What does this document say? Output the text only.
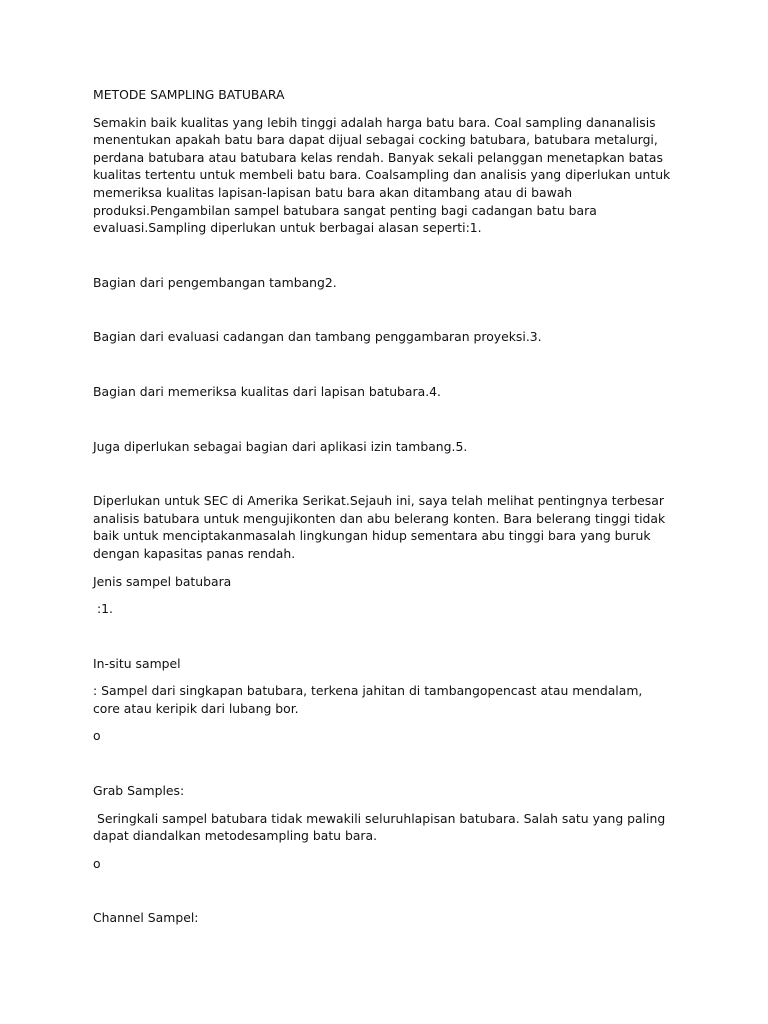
METODE SAMPLING BATUBARA

Semakin baik kualitas yang lebih tinggi adalah harga batu bara. Coal sampling dananalisis menentukan apakah batu bara dapat dijual sebagai cocking batubara, batubara metalurgi, perdana batubara atau batubara kelas rendah. Banyak sekali pelanggan menetapkan batas kualitas tertentu untuk membeli batu bara. Coalsampling dan analisis yang diperlukan untuk memeriksa kualitas lapisan-lapisan batu bara akan ditambang atau di bawah produksi.Pengambilan sampel batubara sangat penting bagi cadangan batu bara evaluasi.Sampling diperlukan untuk berbagai alasan seperti:1.

Bagian dari pengembangan tambang2.

Bagian dari evaluasi cadangan dan tambang penggambaran proyeksi.3.

Bagian dari memeriksa kualitas dari lapisan batubara.4.

Juga diperlukan sebagai bagian dari aplikasi izin tambang.5.

Diperlukan untuk SEC di Amerika Serikat.Sejauh ini, saya telah melihat pentingnya terbesar analisis batubara untuk mengujikonten dan abu belerang konten. Bara belerang tinggi tidak baik untuk menciptakanmasalah lingkungan hidup sementara abu tinggi bara yang buruk dengan kapasitas panas rendah.

Jenis sampel batubara

:1.

In-situ sampel

: Sampel dari singkapan batubara, terkena jahitan di tambangopencast atau mendalam, core atau keripik dari lubang bor.

o

Grab Samples:

Seringkali sampel batubara tidak mewakili seluruhlapisan batubara. Salah satu yang paling dapat diandalkan metodesampling batu bara.

o

Channel Sampel:
